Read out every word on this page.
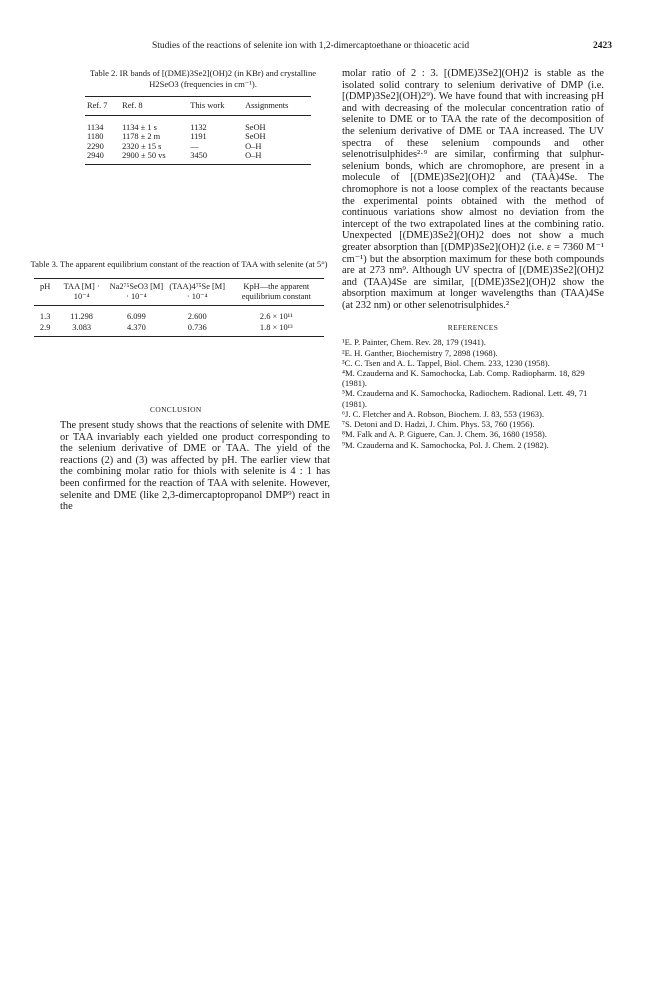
Studies of the reactions of selenite ion with 1,2-dimercaptoethane or thioacetic acid	2423

Table 2. IR bands of [(DME)3Se2](OH)2 (in KBr) and crystalline H2SeO3 (frequencies in cm⁻¹).

Ref. 7	Ref. 8	This work	Assignments
1134	1134 ± 1 s	1132	SeOH
1180	1178 ± 2 m	1191	SeOH
2290	2320 ± 15 s	—	O–H
2940	2900 ± 50 vs	3450	O–H

Table 3. The apparent equilibrium constant of the reaction of TAA with selenite (at 5°)

pH	TAA [M] · 10⁻⁴	Na2⁷⁵SeO3 [M] · 10⁻⁴	(TAA)4⁷⁵Se [M] · 10⁻⁴	KpH—the apparent equilibrium constant
1.3	11.298	6.099	2.600	2.6 × 10¹¹
2.9	3.083	4.370	0.736	1.8 × 10¹³
CONCLUSION

The present study shows that the reactions of selenite with DME or TAA invariably each yielded one product corresponding to the selenium derivative of DME or TAA. The yield of the reactions (2) and (3) was affected by pH. The earlier view that the combining molar ratio for thiols with selenite is 4 : 1 has been confirmed for the reaction of TAA with selenite. However, selenite and DME (like 2,3-dimercaptopropanol DMP⁹) react in the

molar ratio of 2 : 3. [(DME)3Se2](OH)2 is stable as the isolated solid contrary to selenium derivative of DMP (i.e. [(DMP)3Se2](OH)2⁹). We have found that with increasing pH and with decreasing of the molecular concentration ratio of selenite to DME or to TAA the rate of the decomposition of the selenium derivative of DME or TAA increased. The UV spectra of these selenium compounds and other selenotrisulphides²·⁹ are similar, confirming that sulphur-selenium bonds, which are chromophore, are present in a molecule of [(DME)3Se2](OH)2 and (TAA)4Se. The chromophore is not a loose complex of the reactants because the experimental points obtained with the method of continuous variations show almost no deviation from the intercept of the two extrapolated lines at the combining ratio. Unexpected [(DME)3Se2](OH)2 does not show a much greater absorption than [(DMP)3Se2](OH)2 (i.e. ε = 7360 M⁻¹ cm⁻¹) but the absorption maximum for these both compounds are at 273 nm⁹. Although UV spectra of [(DME)3Se2](OH)2 and (TAA)4Se are similar, [(DME)3Se2](OH)2 show the absorption maximum at longer wavelengths than (TAA)4Se (at 232 nm) or other selenotrisulphides.²

REFERENCES
¹E. P. Painter, Chem. Rev. 28, 179 (1941).
²E. H. Ganther, Biochemistry 7, 2898 (1968).
³C. C. Tsen and A. L. Tappel, Biol. Chem. 233, 1230 (1958).
⁴M. Czauderna and K. Samochocka, Lab. Comp. Radiopharm. 18, 829 (1981).
⁵M. Czauderna and K. Samochocka, Radiochem. Radional. Lett. 49, 71 (1981).
⁶J. C. Fletcher and A. Robson, Biochem. J. 83, 553 (1963).
⁷S. Detoni and D. Hadzi, J. Chim. Phys. 53, 760 (1956).
⁸M. Falk and A. P. Giguere, Can. J. Chem. 36, 1680 (1958).
⁹M. Czauderna and K. Samochocka, Pol. J. Chem. 2 (1982).
